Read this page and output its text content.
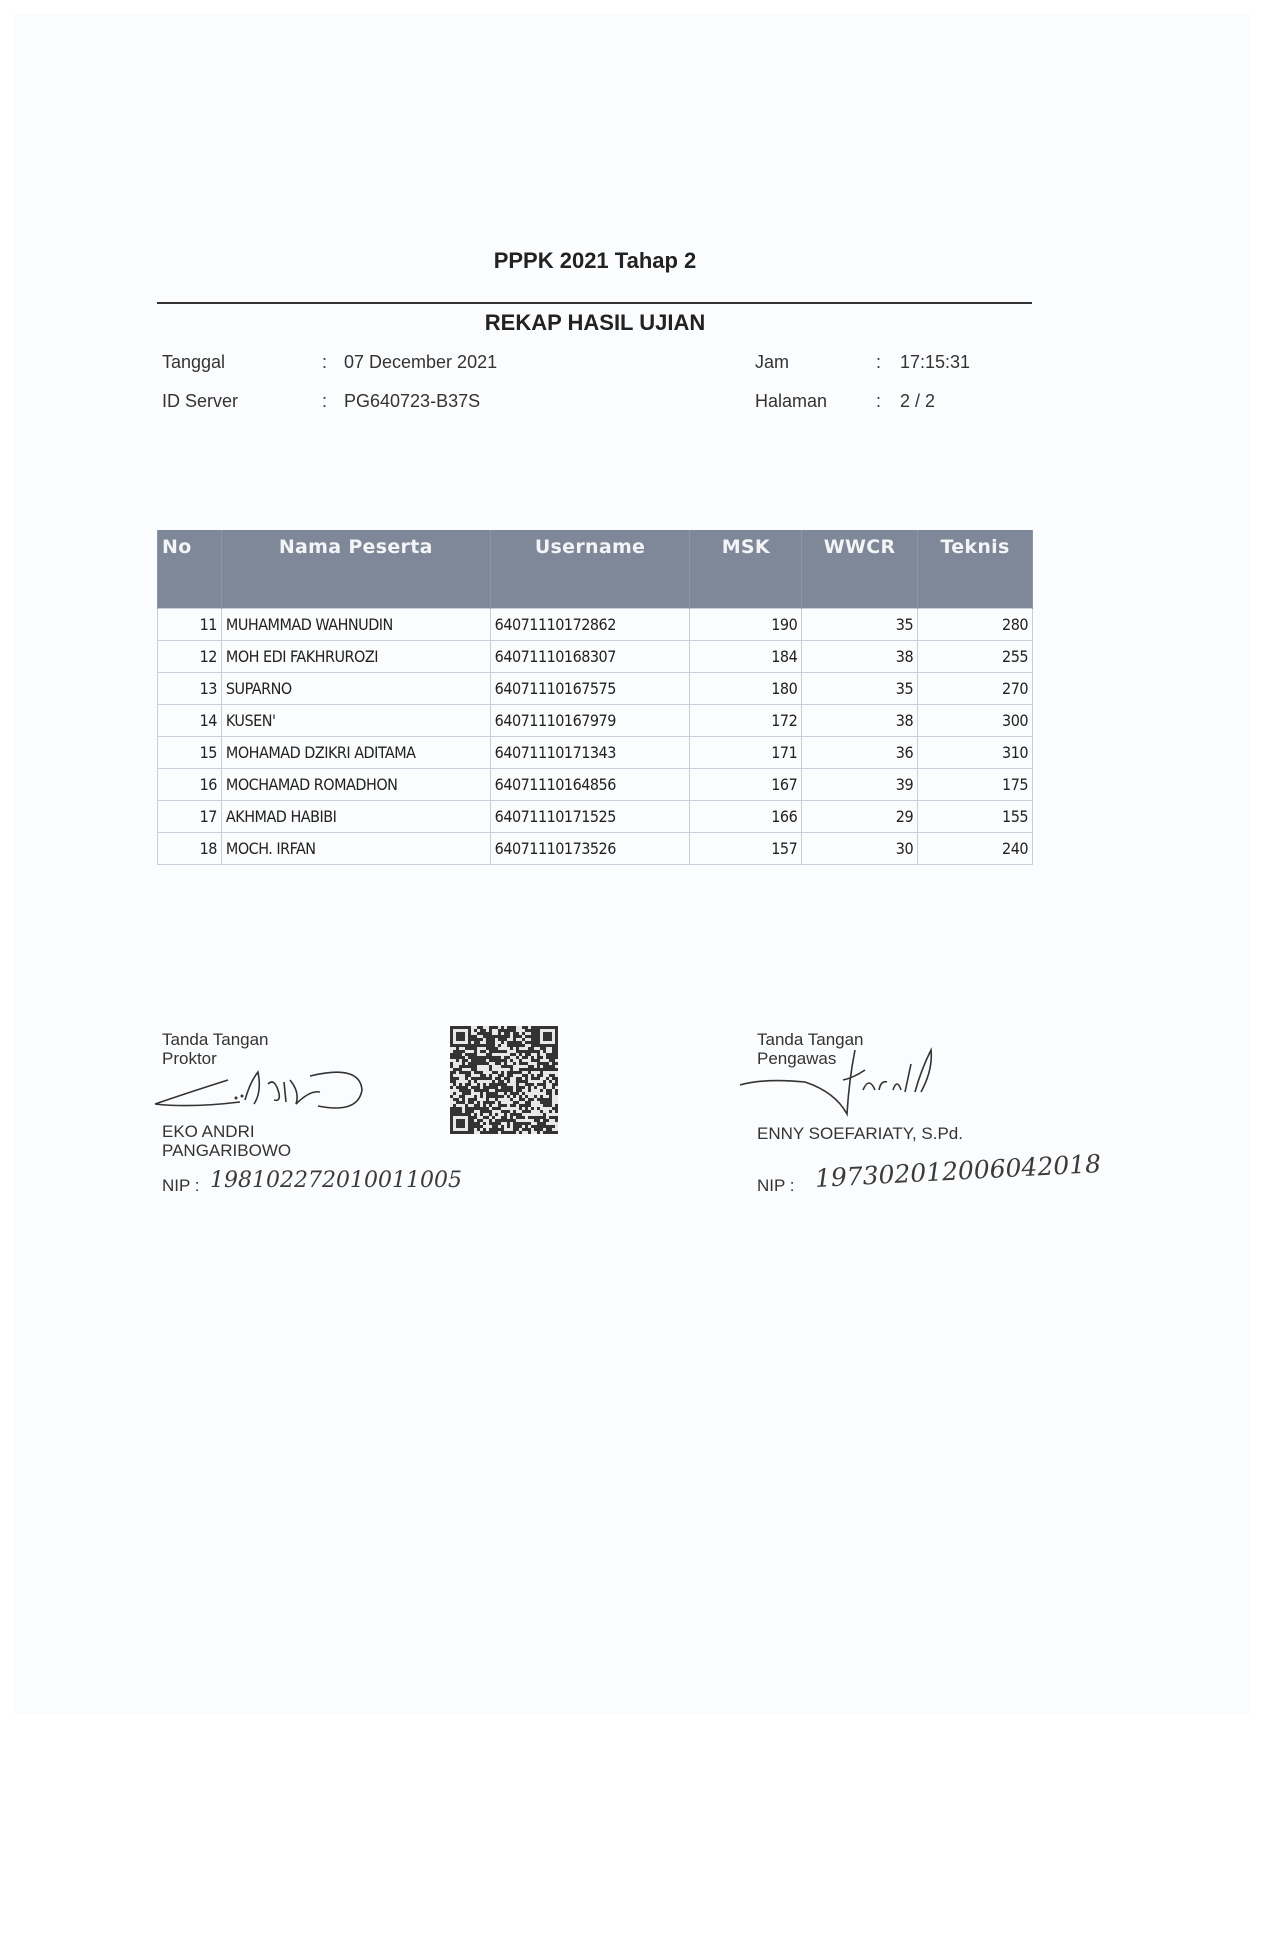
PPPK 2021 Tahap 2
REKAP HASIL UJIAN
Tanggal	: 07 December 2021
ID Server	: PG640723-B37S
Jam	: 17:15:31
Halaman	: 2 / 2
No	Nama Peserta	Username	MSK	WWCR	Teknis
11	MUHAMMAD WAHNUDIN	64071110172862	190	35	280
12	MOH EDI FAKHRUROZI	64071110168307	184	38	255
13	SUPARNO	64071110167575	180	35	270
14	KUSEN'	64071110167979	172	38	300
15	MOHAMAD DZIKRI ADITAMA	64071110171343	171	36	310
16	MOCHAMAD ROMADHON	64071110164856	167	39	175
17	AKHMAD HABIBI	64071110171525	166	29	155
18	MOCH. IRFAN	64071110173526	157	30	240
Tanda Tangan
Proktor
EKO ANDRI
PANGARIBOWO
NIP : 198102272010011005
Tanda Tangan
Pengawas
ENNY SOEFARIATY, S.Pd.
NIP : 197302012006042018
